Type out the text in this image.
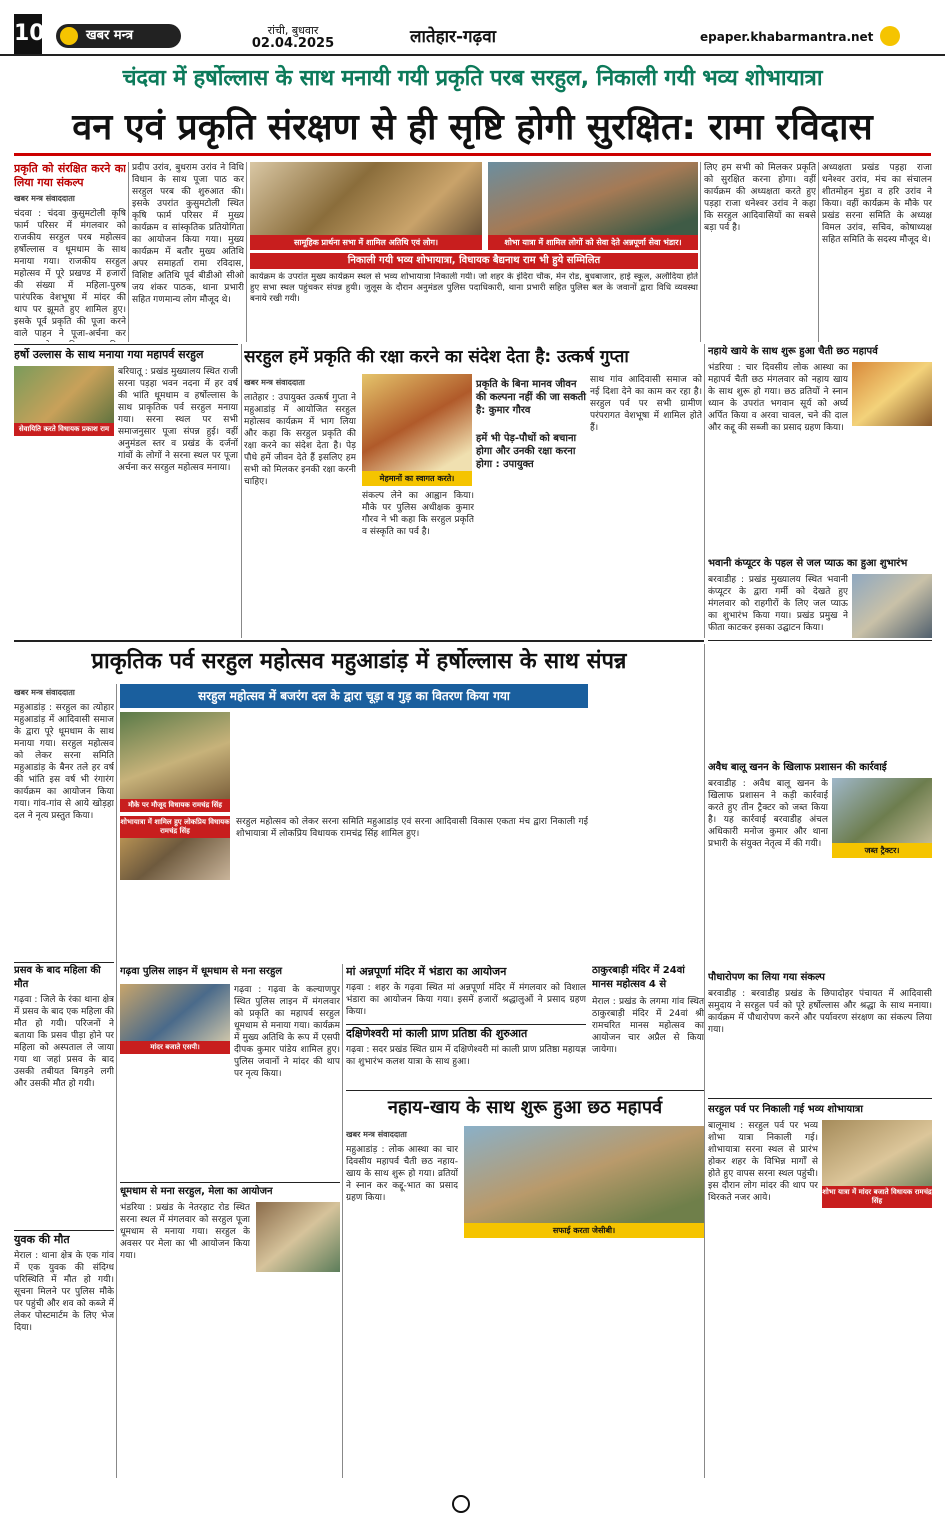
10	खबर मन्त्र	रांची, बुधवार
02.04.2025	लातेहार-गढ़वा	epaper.khabarmantra.net
चंदवा में हर्षोल्लास के साथ मनायी गयी प्रकृति परब सरहुल, निकाली गयी भव्य शोभायात्रा
वन एवं प्रकृति संरक्षण से ही सृष्टि होगी सुरक्षित: रामा रविदास
प्रकृति को संरक्षित करने का लिया गया संकल्प
खबर मन्त्र संवाददाता

चंदवा : चंदवा कुसुमटोली कृषि फार्म परिसर में मंगलवार को राजकीय सरहुल परब महोत्सव हर्षोल्लास व धूमधाम के साथ मनाया गया। राजकीय सरहुल महोत्सव में पूरे प्रखण्ड में हजारों की संख्या में महिला-पुरुष पारंपरिक वेशभूषा में मांदर की थाप पर झूमते हुए शामिल हुए। इसके पूर्व प्रकृति की पूजा करने वाले पाहन ने पूजा-अर्चना कर

प्रदीप उरांव, बुधराम उरांव ने विधि विधान के साथ पूजा पाठ कर सरहुल परब की शुरुआत की। इसके उपरांत कुसुमटोली स्थित कृषि फार्म परिसर में मुख्य कार्यक्रम व सांस्कृतिक प्रतियोगिता का आयोजन किया गया। मुख्य कार्यक्रम में बतौर मुख्य अतिथि अपर समाहर्ता रामा रविदास, विशिष्ट अतिथि पूर्व बीडीओ सीओ जय शंकर पाठक, थाना प्रभारी सहित गणमान्य लोग मौजूद थे।

सामूहिक प्रार्थना सभा में शामिल अतिथि एवं लोग।	शोभा यात्रा में शामिल लोगों को सेवा देते अन्नपूर्णा सेवा भंडार।
निकाली गयी भव्य शोभायात्रा, विधायक बैद्यनाथ राम भी हुये सम्मिलित
कार्यक्रम के उपरांत मुख्य कार्यक्रम स्थल से भव्य शोभायात्रा निकाली गयी। जो शहर के इंदिरा चौक, मेन रोड, बुधबाजार, हाई स्कूल, अलौदिया होते हुए सभा स्थल पहुंचकर संपन्न हुयी। जुलूस के दौरान अनुमंडल पुलिस पदाधिकारी, थाना प्रभारी सहित पुलिस बल के जवानों द्वारा विधि व्यवस्था बनाये रखी गयी।
लिए हम सभी को मिलकर प्रकृति को सुरक्षित करना होगा। वहीं कार्यक्रम की अध्यक्षता करते हुए पड़हा राजा धनेश्वर उरांव ने कहा कि सरहुल आदिवासियों का सबसे बड़ा पर्व है।
अध्यक्षता प्रखंड पड़हा राजा धनेश्वर उरांव, मंच का संचालन शीतमोहन मुंडा व हरि उरांव ने किया। वहीं कार्यक्रम के मौके पर प्रखंड सरना समिति के अध्यक्ष विमल उरांव, सचिव, कोषाध्यक्ष सहित समिति के सदस्य मौजूद थे।
हर्षो उल्लास के साथ मनाया गया महापर्व सरहुल
सेवायिति करते विधायक प्रकाश राम
बरियातू : प्रखंड मुख्यालय स्थित राजी सरना पड़हा भवन नदना में हर वर्ष की भांति धूमधाम व हर्षोल्लास के साथ प्राकृतिक पर्व सरहुल मनाया गया। सरना स्थल पर सभी समाजनुसार पूजा संपन्न हुई। वहीं अनुमंडल स्तर व प्रखंड के दर्जनों गांवों के लोगों ने सरना स्थल पर पूजा अर्चना कर सरहुल महोत्सव मनाया।
सरहुल हमें प्रकृति की रक्षा करने का संदेश देता है: उत्कर्ष गुप्ता
खबर मन्त्र संवाददाता

लातेहार : उपायुक्त उत्कर्ष गुप्ता ने महुआडांड़ में आयोजित सरहुल महोत्सव कार्यक्रम में भाग लिया और कहा कि सरहुल प्रकृति की रक्षा करने का संदेश देता है। पेड़ पौधे हमें जीवन देते हैं इसलिए हम सभी को मिलकर इनकी रक्षा करनी चाहिए।	मेहमानों का स्वागत करते।
प्रकृति के बिना मानव जीवन की कल्पना नहीं की जा सकती है: कुमार गौरव
हमें भी पेड़-पौधों को बचाना होगा और उनकी रक्षा करना होगा : उपायुक्त
संकल्प लेने का आह्वान किया। मौके पर पुलिस अधीक्षक कुमार गौरव ने भी कहा कि सरहुल प्रकृति व संस्कृति का पर्व है।
साथ गांव आदिवासी समाज को नई दिशा देने का काम कर रहा है। सरहुल पर्व पर सभी ग्रामीण परंपरागत वेशभूषा में शामिल होते हैं।
नहाये खाये के साथ शुरू हुआ चैती छठ महापर्व
भंडरिया : चार दिवसीय लोक आस्था का महापर्व चैती छठ मंगलवार को नहाय खाय के साथ शुरू हो गया। छठ व्रतियों ने स्नान ध्यान के उपरांत भगवान सूर्य को अर्घ्य अर्पित किया व अरवा चावल, चने की दाल और कद्दू की सब्जी का प्रसाद ग्रहण किया।
भवानी कंप्यूटर के पहल से जल प्याऊ का हुआ शुभारंभ
बरवाडीह : प्रखंड मुख्यालय स्थित भवानी कंप्यूटर के द्वारा गर्मी को देखते हुए मंगलवार को राहगीरों के लिए जल प्याऊ का शुभारंभ किया गया। प्रखंड प्रमुख ने फीता काटकर इसका उद्घाटन किया।
प्राकृतिक पर्व सरहुल महोत्सव महुआडांड़ में हर्षोल्लास के साथ संपन्न
खबर मन्त्र संवाददाता

महुआडांड़ : सरहुल का त्योहार महुआडांड़ में आदिवासी समाज के द्वारा पूरे धूमधाम के साथ मनाया गया। सरहुल महोत्सव को लेकर सरना समिति महुआडांड़ के बैनर तले हर वर्ष की भांति इस वर्ष भी रंगारंग कार्यक्रम का आयोजन किया गया। गांव-गांव से आये खोड़हा दल ने नृत्य प्रस्तुत किया।

सरहुल महोत्सव में बजरंग दल के द्वारा चूड़ा व गुड़ का वितरण किया गया
मौके पर मौजूद विधायक रामचंद्र सिंह
शोभायात्रा में शामिल हुए लोकप्रिय विधायक रामचंद्र सिंह
सरहुल महोत्सव को लेकर सरना समिति महुआडांड़ एवं सरना आदिवासी विकास एकता मंच द्वारा निकाली गई शोभायात्रा में लोकप्रिय विधायक रामचंद्र सिंह शामिल हुए।
प्रसव के बाद महिला की मौत
गढ़वा : जिले के रंका थाना क्षेत्र में प्रसव के बाद एक महिला की मौत हो गयी। परिजनों ने बताया कि प्रसव पीड़ा होने पर महिला को अस्पताल ले जाया गया था जहां प्रसव के बाद उसकी तबीयत बिगड़ने लगी और उसकी मौत हो गयी।
युवक की मौत
मेराल : थाना क्षेत्र के एक गांव में एक युवक की संदिग्ध परिस्थिति में मौत हो गयी। सूचना मिलने पर पुलिस मौके पर पहुंची और शव को कब्जे में लेकर पोस्टमार्टम के लिए भेज दिया।
गढ़वा पुलिस लाइन में धूमधाम से मना सरहुल
मांदर बजाते एसपी।
गढ़वा : गढ़वा के कल्याणपुर स्थित पुलिस लाइन में मंगलवार को प्रकृति का महापर्व सरहुल धूमधाम से मनाया गया। कार्यक्रम में मुख्य अतिथि के रूप में एसपी दीपक कुमार पांडेय शामिल हुए। पुलिस जवानों ने मांदर की थाप पर नृत्य किया।
धूमधाम से मना सरहुल, मेला का आयोजन
भंडरिया : प्रखंड के नेतरहाट रोड स्थित सरना स्थल में मंगलवार को सरहुल पूजा धूमधाम से मनाया गया। सरहुल के अवसर पर मेला का भी आयोजन किया गया।
मां अन्नपूर्णा मंदिर में भंडारा का आयोजन
गढ़वा : शहर के गढ़वा स्थित मां अन्नपूर्णा मंदिर में मंगलवार को विशाल भंडारा का आयोजन किया गया। इसमें हजारों श्रद्धालुओं ने प्रसाद ग्रहण किया।
दक्षिणेश्वरी मां काली प्राण प्रतिष्ठा की शुरुआत
गढ़वा : सदर प्रखंड स्थित ग्राम में दक्षिणेश्वरी मां काली प्राण प्रतिष्ठा महायज्ञ का शुभारंभ कलश यात्रा के साथ हुआ।
ठाकुरबाड़ी मंदिर में 24वां मानस महोत्सव 4 से
मेराल : प्रखंड के लगमा गांव स्थित ठाकुरबाड़ी मंदिर में 24वां श्री रामचरित मानस महोत्सव का आयोजन चार अप्रैल से किया जायेगा।
नहाय-खाय के साथ शुरू हुआ छठ महापर्व
खबर मन्त्र संवाददाता

महुआडांड़ : लोक आस्था का चार दिवसीय महापर्व चैती छठ नहाय-खाय के साथ शुरू हो गया। व्रतियों ने स्नान कर कद्दू-भात का प्रसाद ग्रहण किया।

सफाई करता जेसीबी।
अवैध बालू खनन के खिलाफ प्रशासन की कार्रवाई
बरवाडीह : अवैध बालू खनन के खिलाफ प्रशासन ने कड़ी कार्रवाई करते हुए तीन ट्रैक्टर को जब्त किया है। यह कार्रवाई बरवाडीह अंचल अधिकारी मनोज कुमार और थाना प्रभारी के संयुक्त नेतृत्व में की गयी।
जब्त ट्रैक्टर।
पौधारोपण का लिया गया संकल्प
बरवाडीह : बरवाडीह प्रखंड के छिपादोहर पंचायत में आदिवासी समुदाय ने सरहुल पर्व को पूरे हर्षोल्लास और श्रद्धा के साथ मनाया। कार्यक्रम में पौधारोपण करने और पर्यावरण संरक्षण का संकल्प लिया गया।
सरहुल पर्व पर निकाली गई भव्य शोभायात्रा
बालूमाथ : सरहुल पर्व पर भव्य शोभा यात्रा निकाली गई। शोभायात्रा सरना स्थल से प्रारंभ होकर शहर के विभिन्न मार्गों से होते हुए वापस सरना स्थल पहुंची। इस दौरान लोग मांदर की थाप पर थिरकते नजर आये।
शोभा यात्रा में मांदर बजाते विधायक रामचंद्र सिंह
